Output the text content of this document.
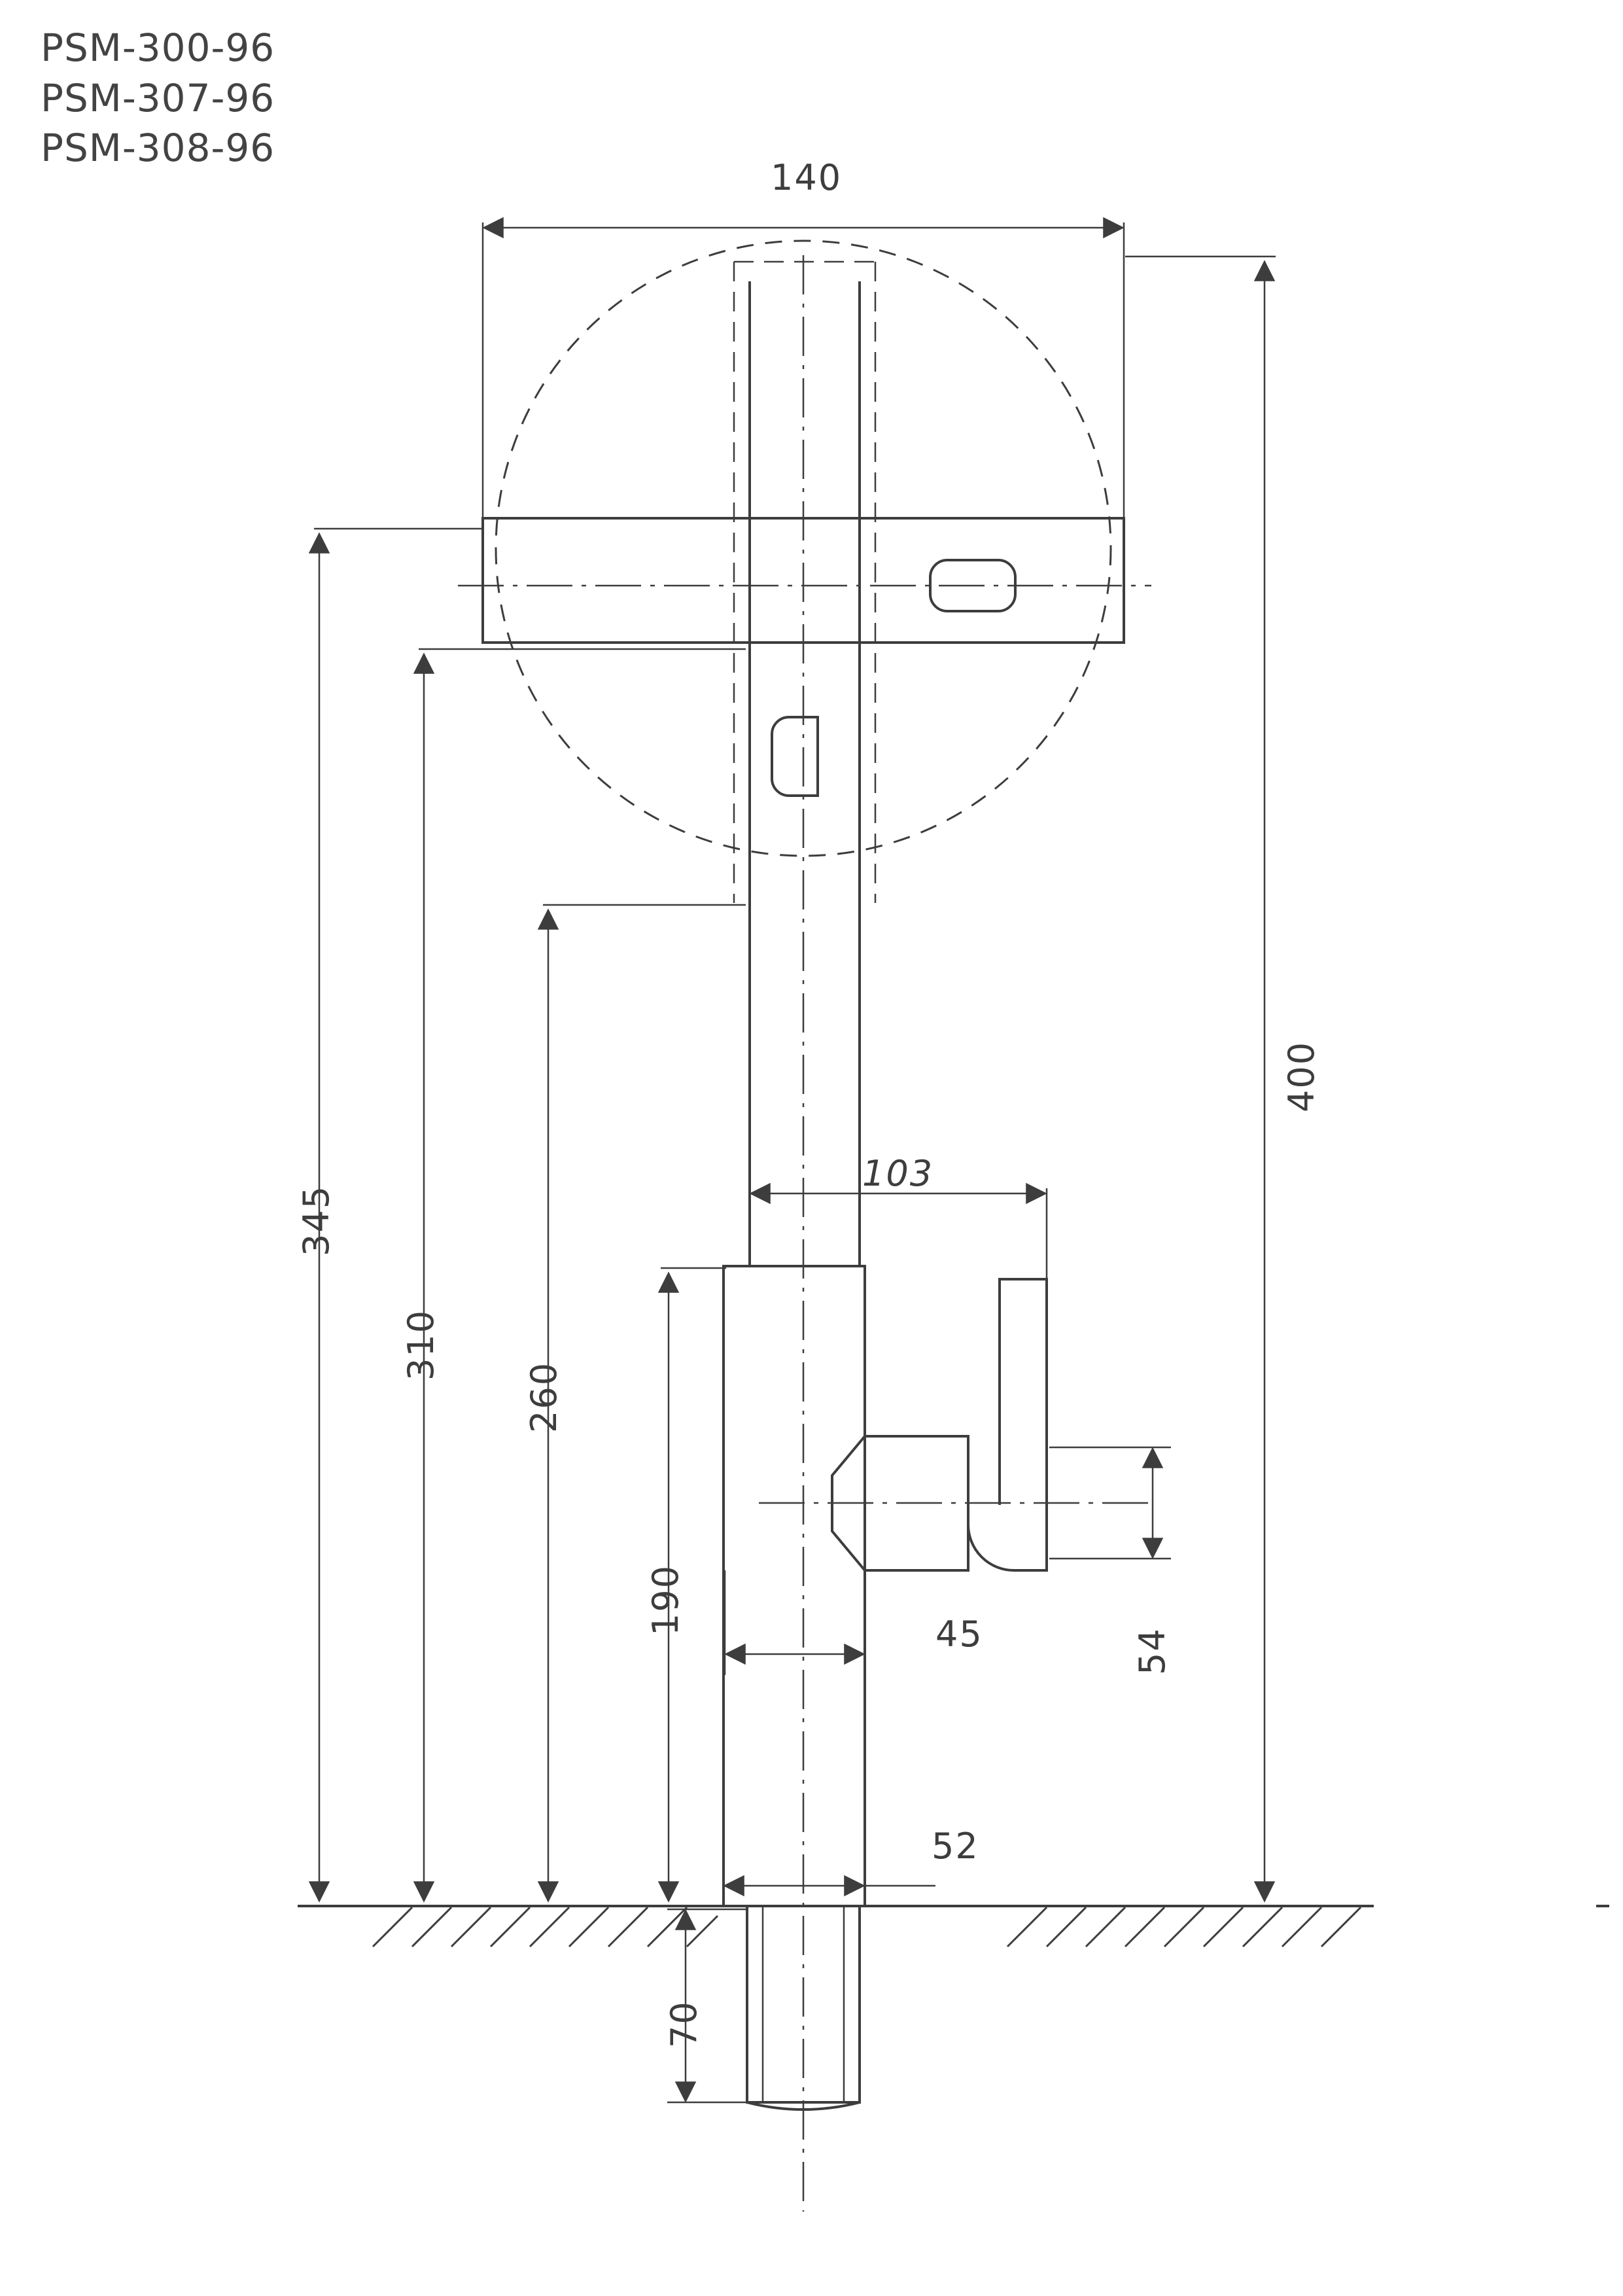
PSM-300-96
PSM-307-96
PSM-308-96
140
400
345
310
260
190
103
45	54
52
70
